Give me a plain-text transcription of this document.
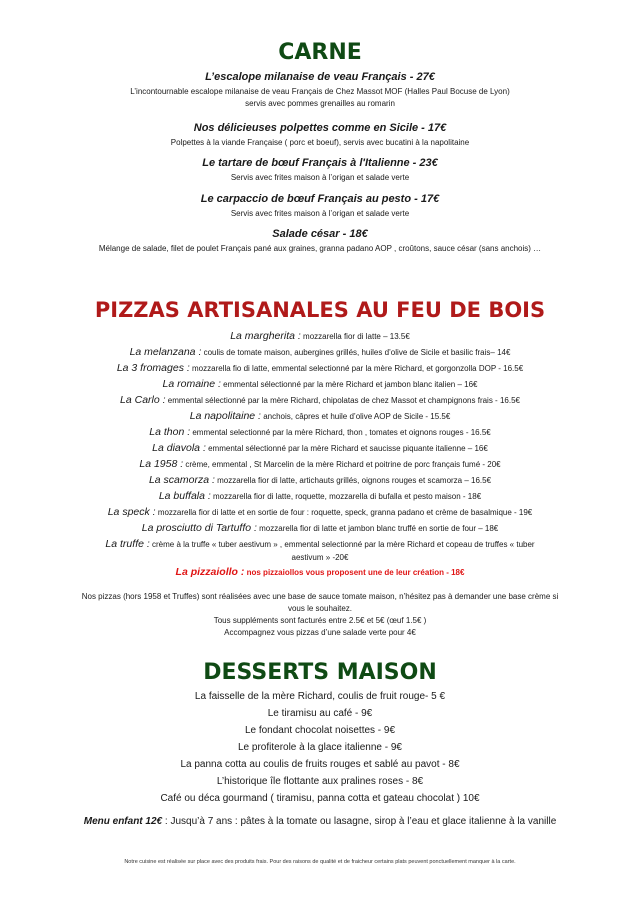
CARNE
L’escalope milanaise de veau Français - 27€
L’incontournable escalope milanaise de veau Français de Chez Massot MOF (Halles Paul Bocuse de Lyon)
servis avec pommes grenailles au romarin
Nos délicieuses polpettes comme en Sicile - 17€
Polpettes à la viande Française ( porc et boeuf), servis avec bucatini à la napolitaine
Le tartare de bœuf Français à l'Italienne - 23€
Servis avec frites maison à l’origan et salade verte
Le carpaccio de bœuf Français au pesto - 17€
Servis avec frites maison à l’origan et salade verte
Salade césar - 18€
Mélange de salade, filet de poulet Français pané aux graines, granna padano AOP , croûtons, sauce césar (sans anchois) …
PIZZAS ARTISANALES AU FEU DE BOIS
La margherita : mozzarella fior di latte – 13.5€
La melanzana : coulis de tomate maison, aubergines grillés, huiles d’olive de Sicile et basilic frais– 14€
La 3 fromages : mozzarella fio di latte, emmental selectionné par la mère Richard, et gorgonzolla DOP - 16.5€
La romaine : emmental sélectionné par la mère Richard et jambon blanc italien – 16€
La Carlo : emmental sélectionné par la mère Richard, chipolatas de chez Massot et champignons frais - 16.5€
La napolitaine : anchois, câpres et huile d’olive AOP de Sicile - 15.5€
La thon : emmental selectionné par la mère Richard, thon , tomates et oignons rouges - 16.5€
La diavola : emmental sélectionné par la mère Richard et saucisse piquante italienne – 16€
La 1958 : crème, emmental , St Marcelin de la mère Richard et poitrine de porc français fumé - 20€
La scamorza : mozzarella fior di latte, artichauts grillés, oignons rouges et scamorza – 16.5€
La buffala : mozzarella fior di latte, roquette, mozzarella di bufalla et pesto maison - 18€
La speck : mozzarella fior di latte et en sortie de four : roquette, speck, granna padano et crème de basalmique - 19€
La prosciutto di Tartuffo : mozzarella fior di latte et jambon blanc truffé en sortie de four – 18€
La truffe : crème à la truffe « tuber aestivum » , emmental selectionné par la mère Richard et copeau de truffes « tuber
aestivum » -20€
La pizzaiollo : nos pizzaiollos vous proposent une de leur création - 18€
Nos pizzas (hors 1958 et Truffes) sont réalisées avec une base de sauce tomate maison, n’hésitez pas à demander une base crème si
vous le souhaitez.
Tous suppléments sont facturés entre 2.5€ et 5€ (œuf 1.5€ )
Accompagnez vous pizzas d’une salade verte pour 4€
DESSERTS MAISON
La faisselle de la mère Richard, coulis de fruit rouge- 5 €
Le tiramisu au café - 9€
Le fondant chocolat noisettes - 9€
Le profiterole à la glace italienne - 9€
La panna cotta au coulis de fruits rouges et sablé au pavot - 8€
L’historique île flottante aux pralines roses - 8€
Café ou déca gourmand ( tiramisu, panna cotta et gateau chocolat ) 10€
Menu enfant 12€ : Jusqu’à 7 ans : pâtes à la tomate ou lasagne, sirop à l’eau et glace italienne à la vanille
Notre cuisine est réalisée sur place avec des produits frais. Pour des raisons de qualité et de fraicheur certains plats peuvent ponctuellement manquer à la carte.
